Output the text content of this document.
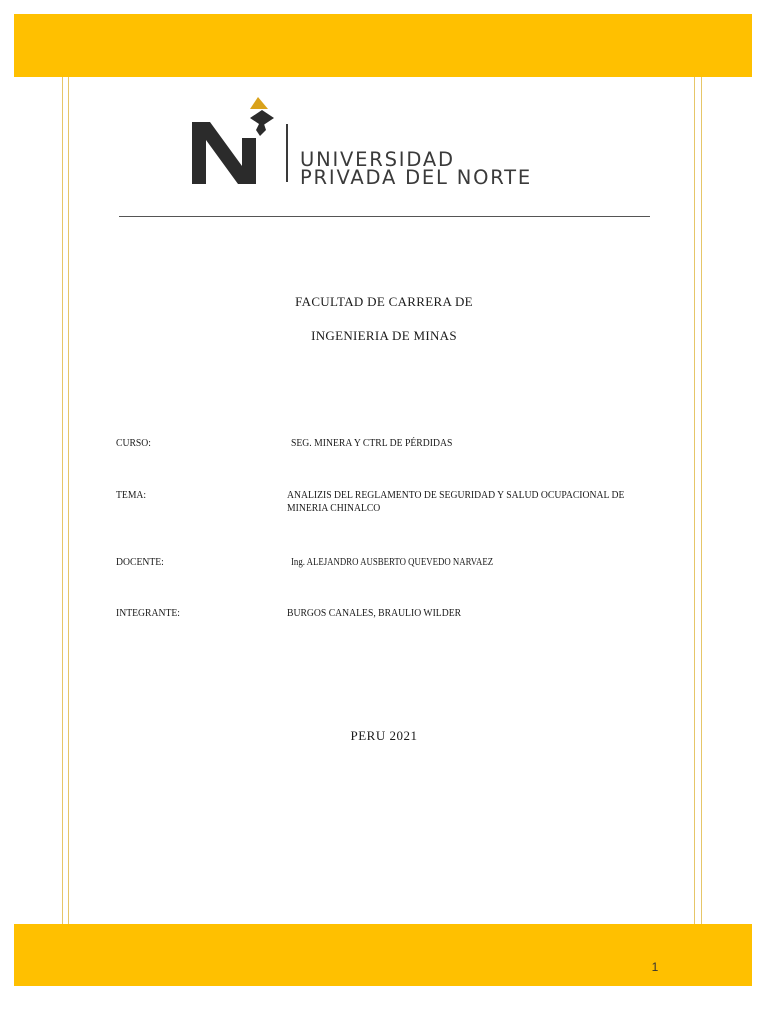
UNIVERSIDAD
PRIVADA DEL NORTE
FACULTAD DE CARRERA DE
INGENIERIA DE MINAS
CURSO:	SEG. MINERA Y CTRL DE PÉRDIDAS
TEMA:	ANALIZIS DEL REGLAMENTO DE SEGURIDAD Y SALUD OCUPACIONAL DE MINERIA CHINALCO
DOCENTE:	Ing. ALEJANDRO AUSBERTO QUEVEDO NARVAEZ
INTEGRANTE:	BURGOS CANALES, BRAULIO WILDER
PERU 2021
1
